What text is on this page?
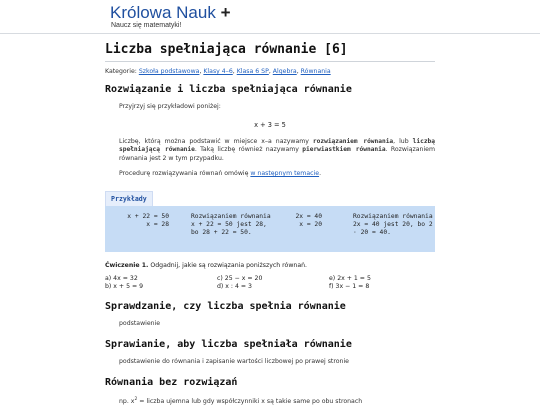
Królowa Nauk +
Naucz się matematyki!
Liczba spełniająca równanie [6]
Kategorie: Szkoła podstawowa, Klasy 4–6, Klasa 6 SP, Algebra, Równania
Rozwiązanie i liczba spełniająca równanie

Przyjrzyj się przykładowi poniżej:

x + 3 = 5

Liczbę, którą można podstawić w miejsce x–a nazywamy rozwiązaniem równania, lub liczbą spełniającą równanie. Taką liczbę również nazywamy pierwiastkiem równania. Rozwiązaniem równania jest 2 w tym przypadku.

Procedurę rozwiązywania równań omówię w następnym temacie.

Przykłady
x + 22 = 50
x = 28
Rozwiązaniem równania x + 22 = 50 jest 28, bo 28 + 22 = 50.
2x = 40
x = 20
Rozwiązaniem równania 2x = 40 jest 20, bo 2 · 20 = 40.
Ćwiczenie 1. Odgadnij, jakie są rozwiązania poniższych równań.
a) 4x = 32	c) 25 − x = 20	e) 2x + 1 = 5
b) x + 5 = 9	d) x : 4 = 3	f) 3x − 1 = 8
Sprawdzanie, czy liczba spełnia równanie

podstawienie

Sprawianie, aby liczba spełniała równanie

podstawienie do równania i zapisanie wartości liczbowej po prawej stronie

Równania bez rozwiązań

np. $x^2$ = liczba ujemna lub gdy współczynniki x są takie same po obu stronach
